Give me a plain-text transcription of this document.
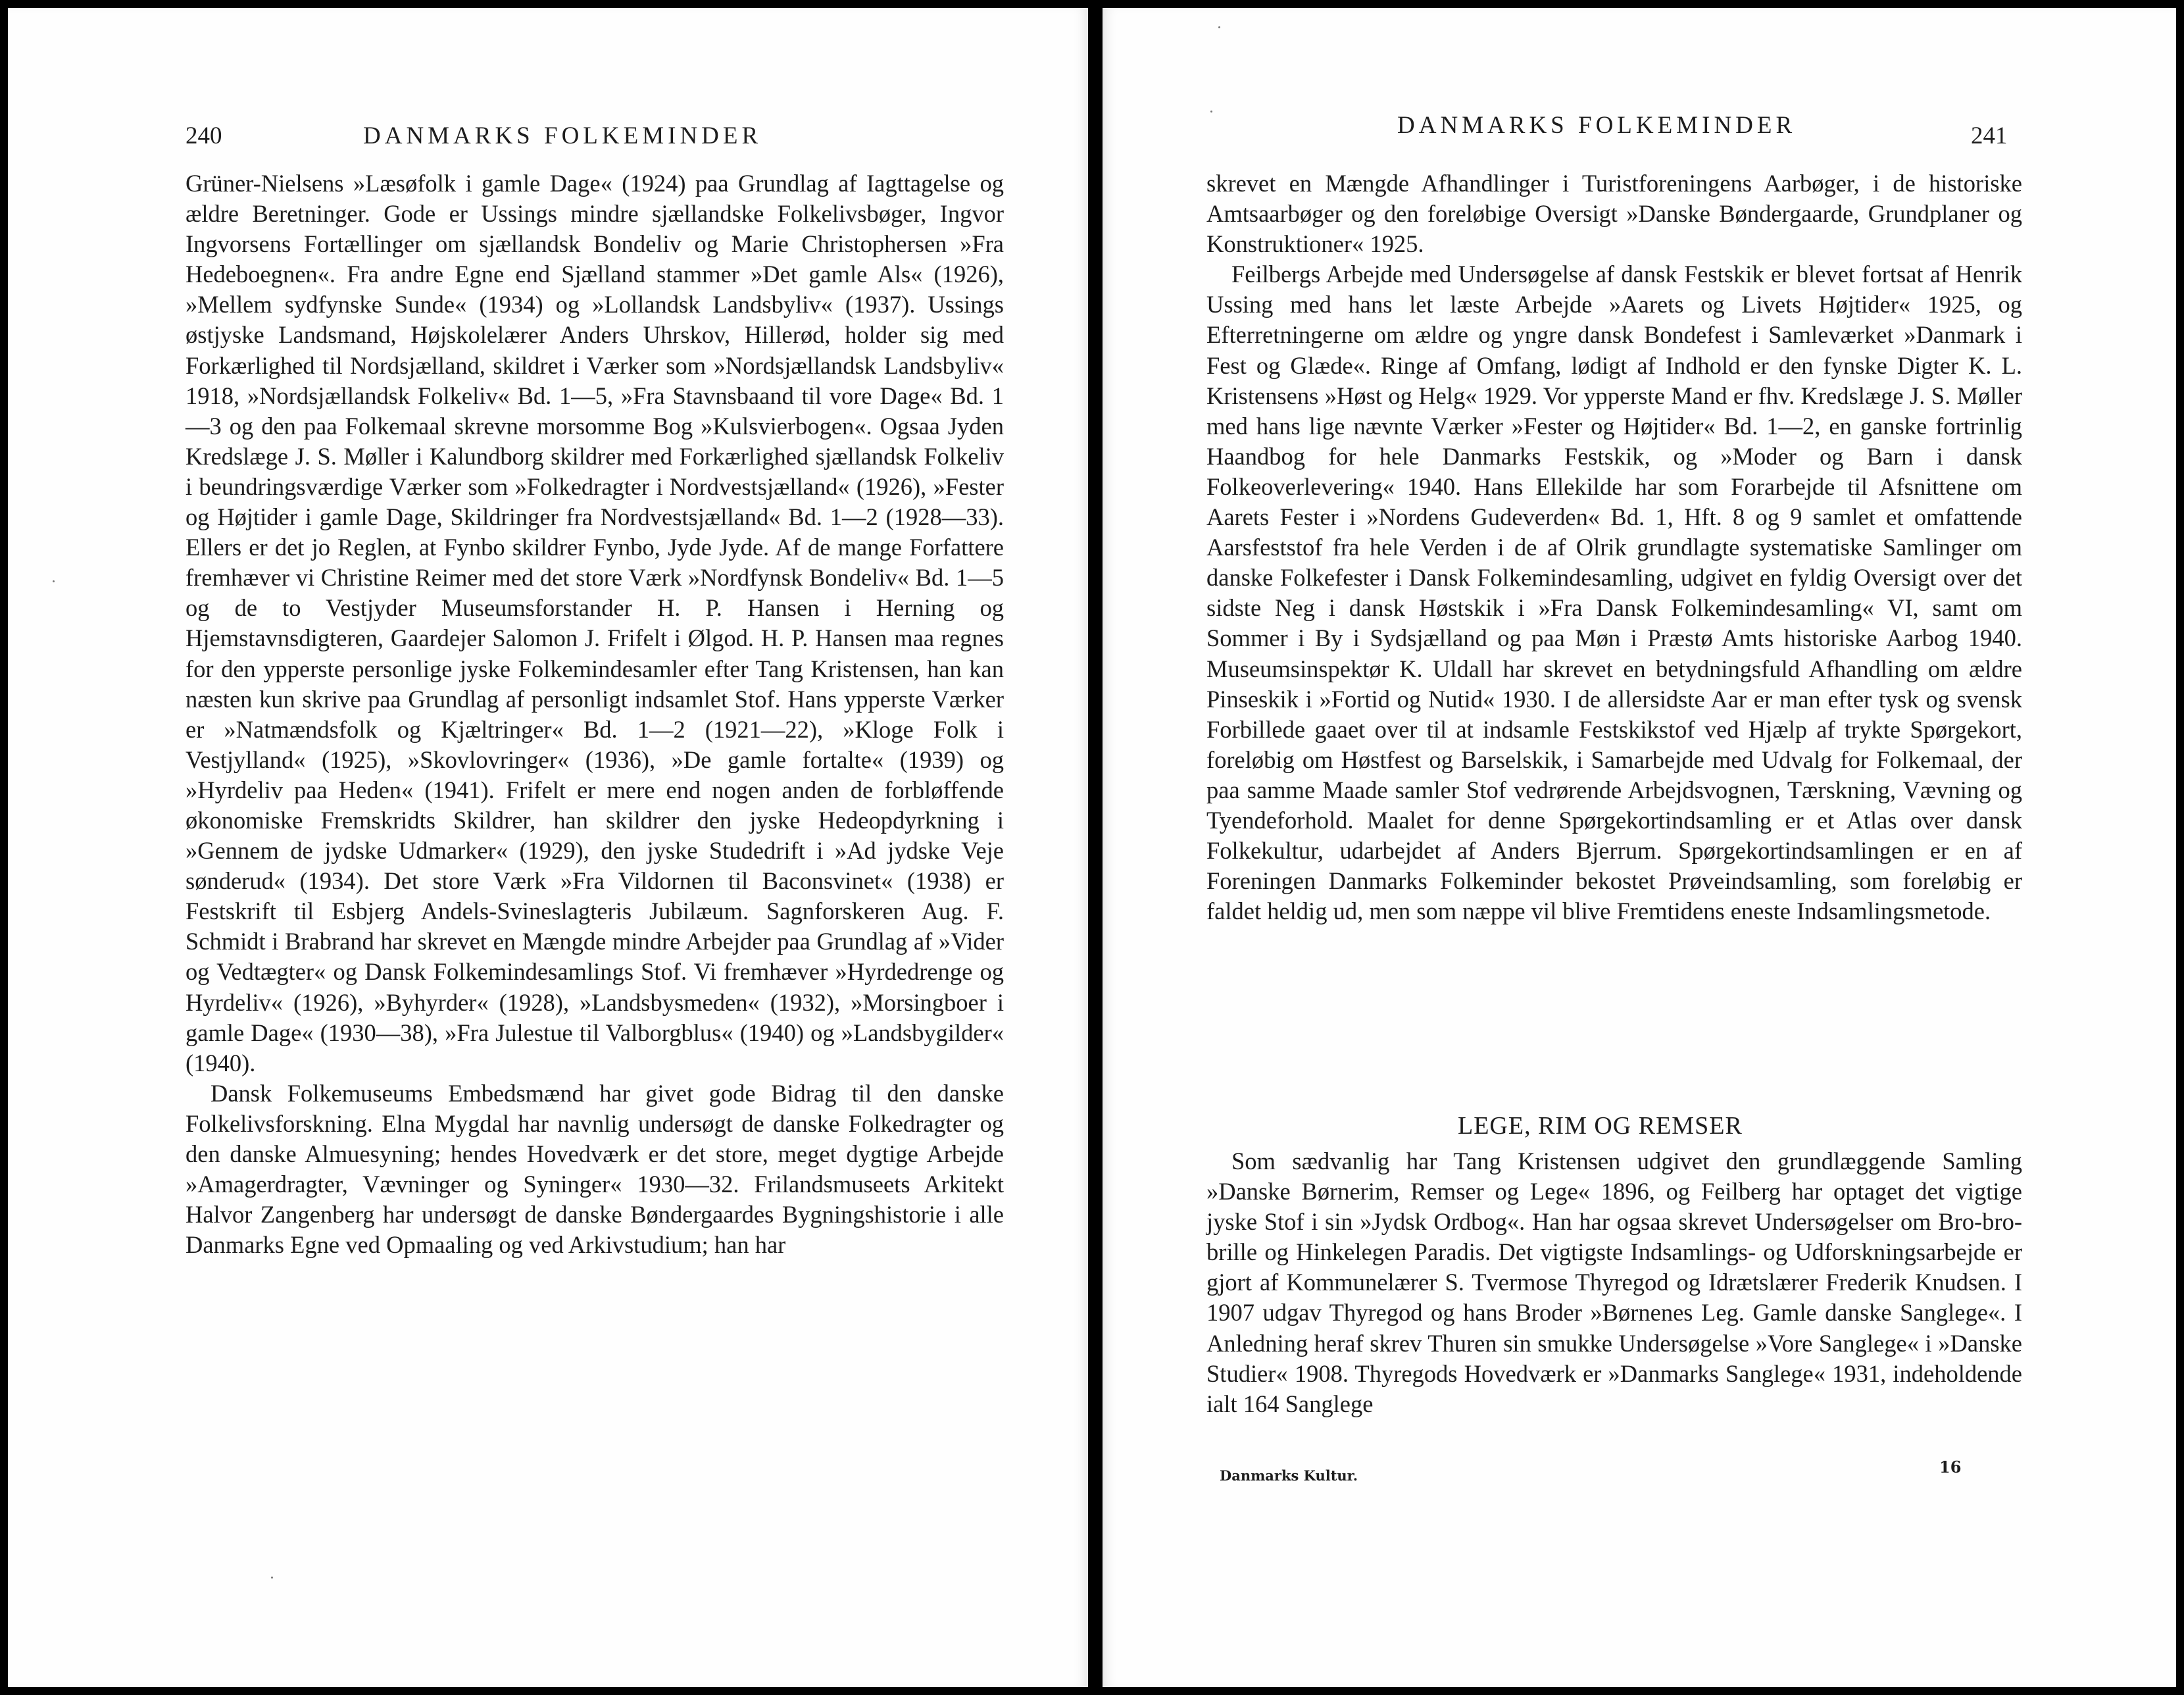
240	DANMARKS FOLKEMINDER

Grüner-Nielsens »Læsøfolk i gamle Dage« (1924) paa Grundlag af Iagttagelse og ældre Beretninger. Gode er Ussings mindre sjællandske Folkelivsbøger, Ingvor Ingvorsens Fortællinger om sjællandsk Bondeliv og Marie Christophersen »Fra Hedeboegnen«. Fra andre Egne end Sjælland stammer »Det gamle Als« (1926), »Mellem sydfynske Sunde« (1934) og »Lollandsk Landsbyliv« (1937). Ussings østjyske Landsmand, Højskolelærer Anders Uhrskov, Hillerød, holder sig med Forkærlighed til Nordsjælland, skildret i Værker som »Nordsjællandsk Landsbyliv« 1918, »Nordsjællandsk Folkeliv« Bd. 1—5, »Fra Stavnsbaand til vore Dage« Bd. 1—3 og den paa Folkemaal skrevne morsomme Bog »Kulsvierbogen«. Ogsaa Jyden Kredslæge J. S. Møller i Kalundborg skildrer med Forkærlighed sjællandsk Folkeliv i beundringsværdige Værker som »Folkedragter i Nordvestsjælland« (1926), »Fester og Højtider i gamle Dage, Skildringer fra Nordvestsjælland« Bd. 1—2 (1928—33). Ellers er det jo Reglen, at Fynbo skildrer Fynbo, Jyde Jyde. Af de mange Forfattere fremhæver vi Christine Reimer med det store Værk »Nordfynsk Bondeliv« Bd. 1—5 og de to Vestjyder Museumsforstander H. P. Hansen i Herning og Hjemstavnsdigteren, Gaardejer Salomon J. Frifelt i Ølgod. H. P. Hansen maa regnes for den ypperste personlige jyske Folkemindesamler efter Tang Kristensen, han kan næsten kun skrive paa Grundlag af personligt indsamlet Stof. Hans ypperste Værker er »Natmændsfolk og Kjæltringer« Bd. 1—2 (1921—22), »Kloge Folk i Vestjylland« (1925), »Skovlovringer« (1936), »De gamle fortalte« (1939) og »Hyrdeliv paa Heden« (1941). Frifelt er mere end nogen anden de forbløffende økonomiske Fremskridts Skildrer, han skildrer den jyske Hedeopdyrkning i »Gennem de jydske Udmarker« (1929), den jyske Studedrift i »Ad jydske Veje sønderud« (1934). Det store Værk »Fra Vildornen til Baconsvinet« (1938) er Festskrift til Esbjerg Andels-Svineslagteris Jubilæum. Sagnforskeren Aug. F. Schmidt i Brabrand har skrevet en Mængde mindre Arbejder paa Grundlag af »Vider og Vedtægter« og Dansk Folkemindesamlings Stof. Vi fremhæver »Hyrdedrenge og Hyrdeliv« (1926), »Byhyrder« (1928), »Landsbysmeden« (1932), »Morsingboer i gamle Dage« (1930—38), »Fra Julestue til Valborgblus« (1940) og »Landsbygilder« (1940).

Dansk Folkemuseums Embedsmænd har givet gode Bidrag til den danske Folkelivsforskning. Elna Mygdal har navnlig undersøgt de danske Folkedragter og den danske Almuesyning; hendes Hovedværk er det store, meget dygtige Arbejde »Amagerdragter, Vævninger og Syninger« 1930—32. Frilandsmuseets Arkitekt Halvor Zangenberg har undersøgt de danske Bøndergaardes Bygningshistorie i alle Danmarks Egne ved Opmaaling og ved Arkivstudium; han har

DANMARKS FOLKEMINDER	241

skrevet en Mængde Afhandlinger i Turistforeningens Aarbøger, i de historiske Amtsaarbøger og den foreløbige Oversigt »Danske Bøndergaarde, Grundplaner og Konstruktioner« 1925.

Feilbergs Arbejde med Undersøgelse af dansk Festskik er blevet fortsat af Henrik Ussing med hans let læste Arbejde »Aarets og Livets Højtider« 1925, og Efterretningerne om ældre og yngre dansk Bondefest i Samleværket »Danmark i Fest og Glæde«. Ringe af Omfang, lødigt af Indhold er den fynske Digter K. L. Kristensens »Høst og Helg« 1929. Vor ypperste Mand er fhv. Kredslæge J. S. Møller med hans lige nævnte Værker »Fester og Højtider« Bd. 1—2, en ganske fortrinlig Haandbog for hele Danmarks Festskik, og »Moder og Barn i dansk Folkeoverlevering« 1940. Hans Ellekilde har som Forarbejde til Afsnittene om Aarets Fester i »Nordens Gudeverden« Bd. 1, Hft. 8 og 9 samlet et omfattende Aarsfeststof fra hele Verden i de af Olrik grundlagte systematiske Samlinger om danske Folkefester i Dansk Folkemindesamling, udgivet en fyldig Oversigt over det sidste Neg i dansk Høstskik i »Fra Dansk Folkemindesamling« VI, samt om Sommer i By i Sydsjælland og paa Møn i Præstø Amts historiske Aarbog 1940. Museumsinspektør K. Uldall har skrevet en betydningsfuld Afhandling om ældre Pinseskik i »Fortid og Nutid« 1930. I de allersidste Aar er man efter tysk og svensk Forbillede gaaet over til at indsamle Festskikstof ved Hjælp af trykte Spørgekort, foreløbig om Høstfest og Barselskik, i Samarbejde med Udvalg for Folkemaal, der paa samme Maade samler Stof vedrørende Arbejdsvognen, Tærskning, Vævning og Tyendeforhold. Maalet for denne Spørgekortindsamling er et Atlas over dansk Folkekultur, udarbejdet af Anders Bjerrum. Spørgekortindsamlingen er en af Foreningen Danmarks Folkeminder bekostet Prøveindsamling, som foreløbig er faldet heldig ud, men som næppe vil blive Fremtidens eneste Indsamlingsmetode.

LEGE, RIM OG REMSER

Som sædvanlig har Tang Kristensen udgivet den grundlæggende Samling »Danske Børnerim, Remser og Lege« 1896, og Feilberg har optaget det vigtige jyske Stof i sin »Jydsk Ordbog«. Han har ogsaa skrevet Undersøgelser om Bro-bro-brille og Hinkelegen Paradis. Det vigtigste Indsamlings- og Udforskningsarbejde er gjort af Kommunelærer S. Tvermose Thyregod og Idrætslærer Frederik Knudsen. I 1907 udgav Thyregod og hans Broder »Børnenes Leg. Gamle danske Sanglege«. I Anledning heraf skrev Thuren sin smukke Undersøgelse »Vore Sanglege« i »Danske Studier« 1908. Thyregods Hovedværk er »Danmarks Sanglege« 1931, indeholdende ialt 164 Sanglege

Danmarks Kultur.	16
